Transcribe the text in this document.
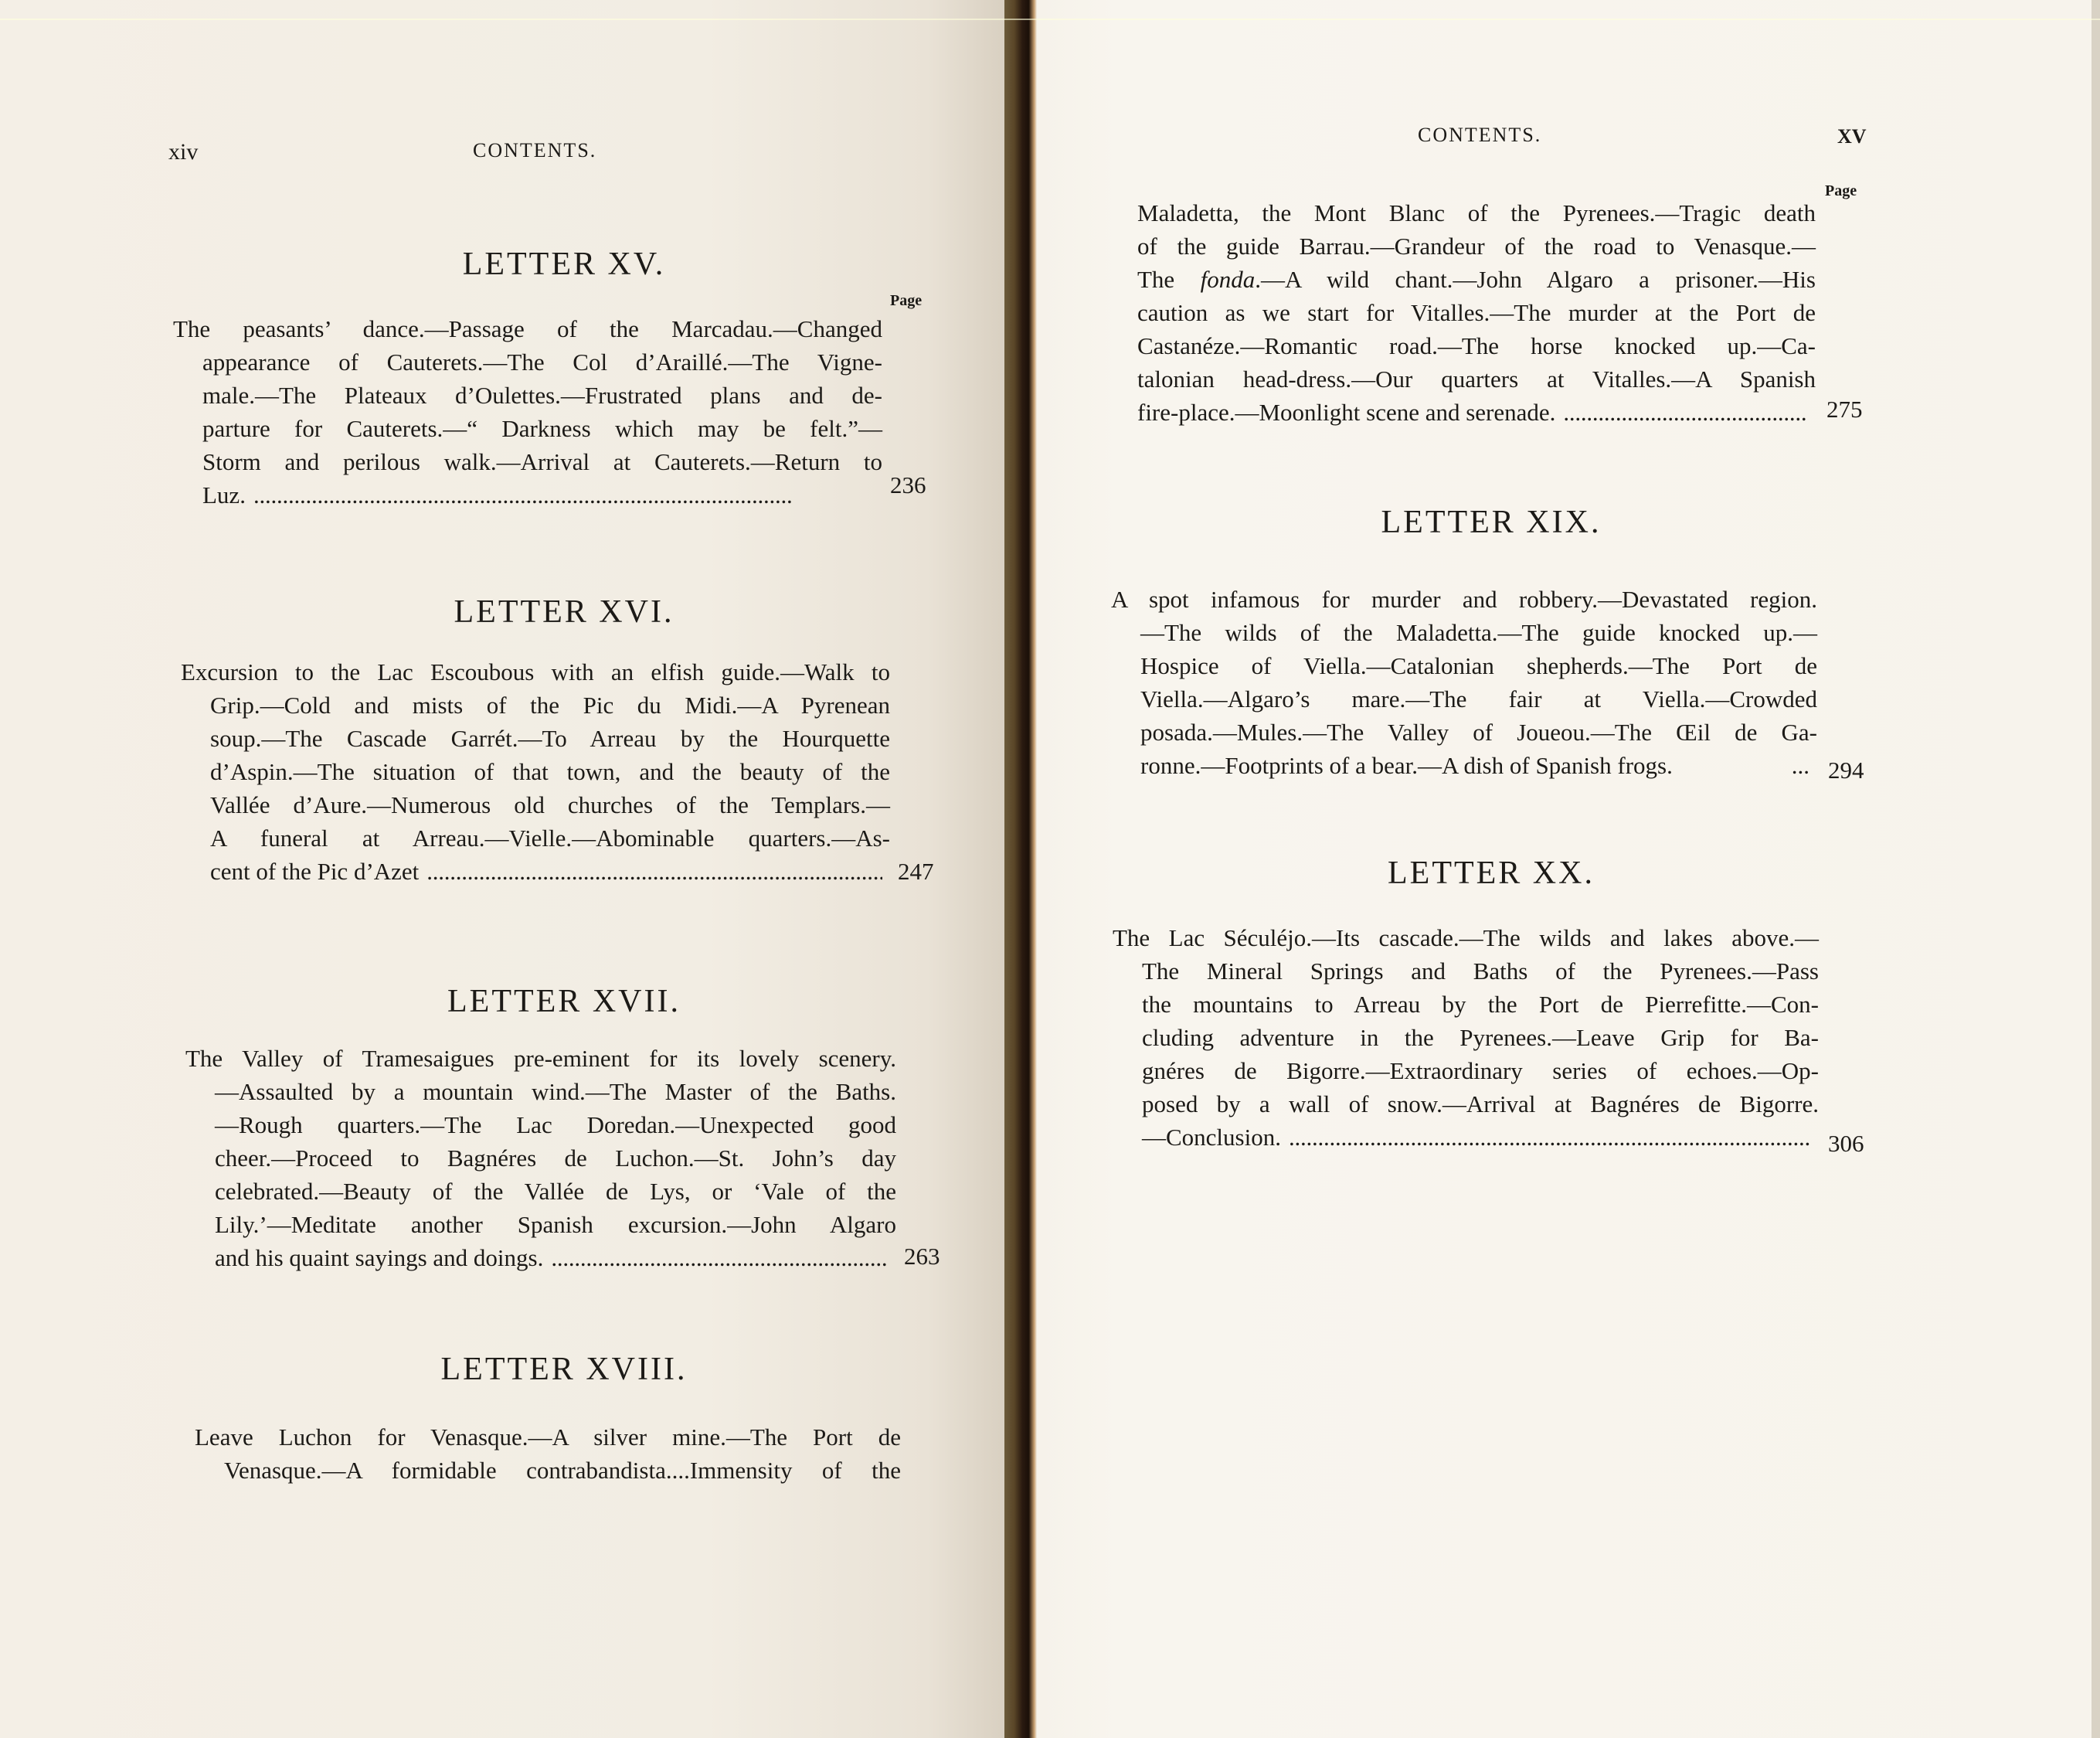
xiv	CONTENTS.
LETTER XV.
Page
The peasants’ dance.—Passage of the Marcadau.—Changed
appearance of Cauterets.—The Col d’Araillé.—The Vigne-
male.—The Plateaux d’Oulettes.—Frustrated plans and de-
parture for Cauterets.—“ Darkness which may be felt.”—
Storm and perilous walk.—Arrival at Cauterets.—Return to
Luz. . . .	236
LETTER XVI.
Excursion to the Lac Escoubous with an elfish guide.—Walk to
Grip.—Cold and mists of the Pic du Midi.—A Pyrenean
soup.—The Cascade Garrét.—To Arreau by the Hourquette
d’Aspin.—The situation of that town, and the beauty of the
Vallée d’Aure.—Numerous old churches of the Templars.—
A funeral at Arreau.—Vielle.—Abominable quarters.—As-
cent of the Pic d’Azet . . .	247
LETTER XVII.
The Valley of Tramesaigues pre-eminent for its lovely scenery.
—Assaulted by a mountain wind.—The Master of the Baths.
—Rough quarters.—The Lac Doredan.—Unexpected good
cheer.—Proceed to Bagnéres de Luchon.—St. John’s day
celebrated.—Beauty of the Vallée de Lys, or ‘Vale of the
Lily.’—Meditate another Spanish excursion.—John Algaro
and his quaint sayings and doings. . . .	263
LETTER XVIII.
Leave Luchon for Venasque.—A silver mine.—The Port de
Venasque.—A formidable contrabandista....Immensity of the
CONTENTS.	XV
Page
Maladetta, the Mont Blanc of the Pyrenees.—Tragic death
of the guide Barrau.—Grandeur of the road to Venasque.—
The fonda.—A wild chant.—John Algaro a prisoner.—His
caution as we start for Vitalles.—The murder at the Port de
Castanéze.—Romantic road.—The horse knocked up.—Ca-
talonian head-dress.—Our quarters at Vitalles.—A Spanish
fire-place.—Moonlight scene and serenade. . . .	275
LETTER XIX.
A spot infamous for murder and robbery.—Devastated region.
—The wilds of the Maladetta.—The guide knocked up.—
Hospice of Viella.—Catalonian shepherds.—The Port de
Viella.—Algaro’s mare.—The fair at Viella.—Crowded
posada.—Mules.—The Valley of Joueou.—The Œil de Ga-
ronne.—Footprints of a bear.—A dish of Spanish frogs.	... 294
LETTER XX.
The Lac Séculéjo.—Its cascade.—The wilds and lakes above.—
The Mineral Springs and Baths of the Pyrenees.—Pass
the mountains to Arreau by the Port de Pierrefitte.—Con-
cluding adventure in the Pyrenees.—Leave Grip for Ba-
gnéres de Bigorre.—Extraordinary series of echoes.—Op-
posed by a wall of snow.—Arrival at Bagnéres de Bigorre.
—Conclusion. . . .	306
